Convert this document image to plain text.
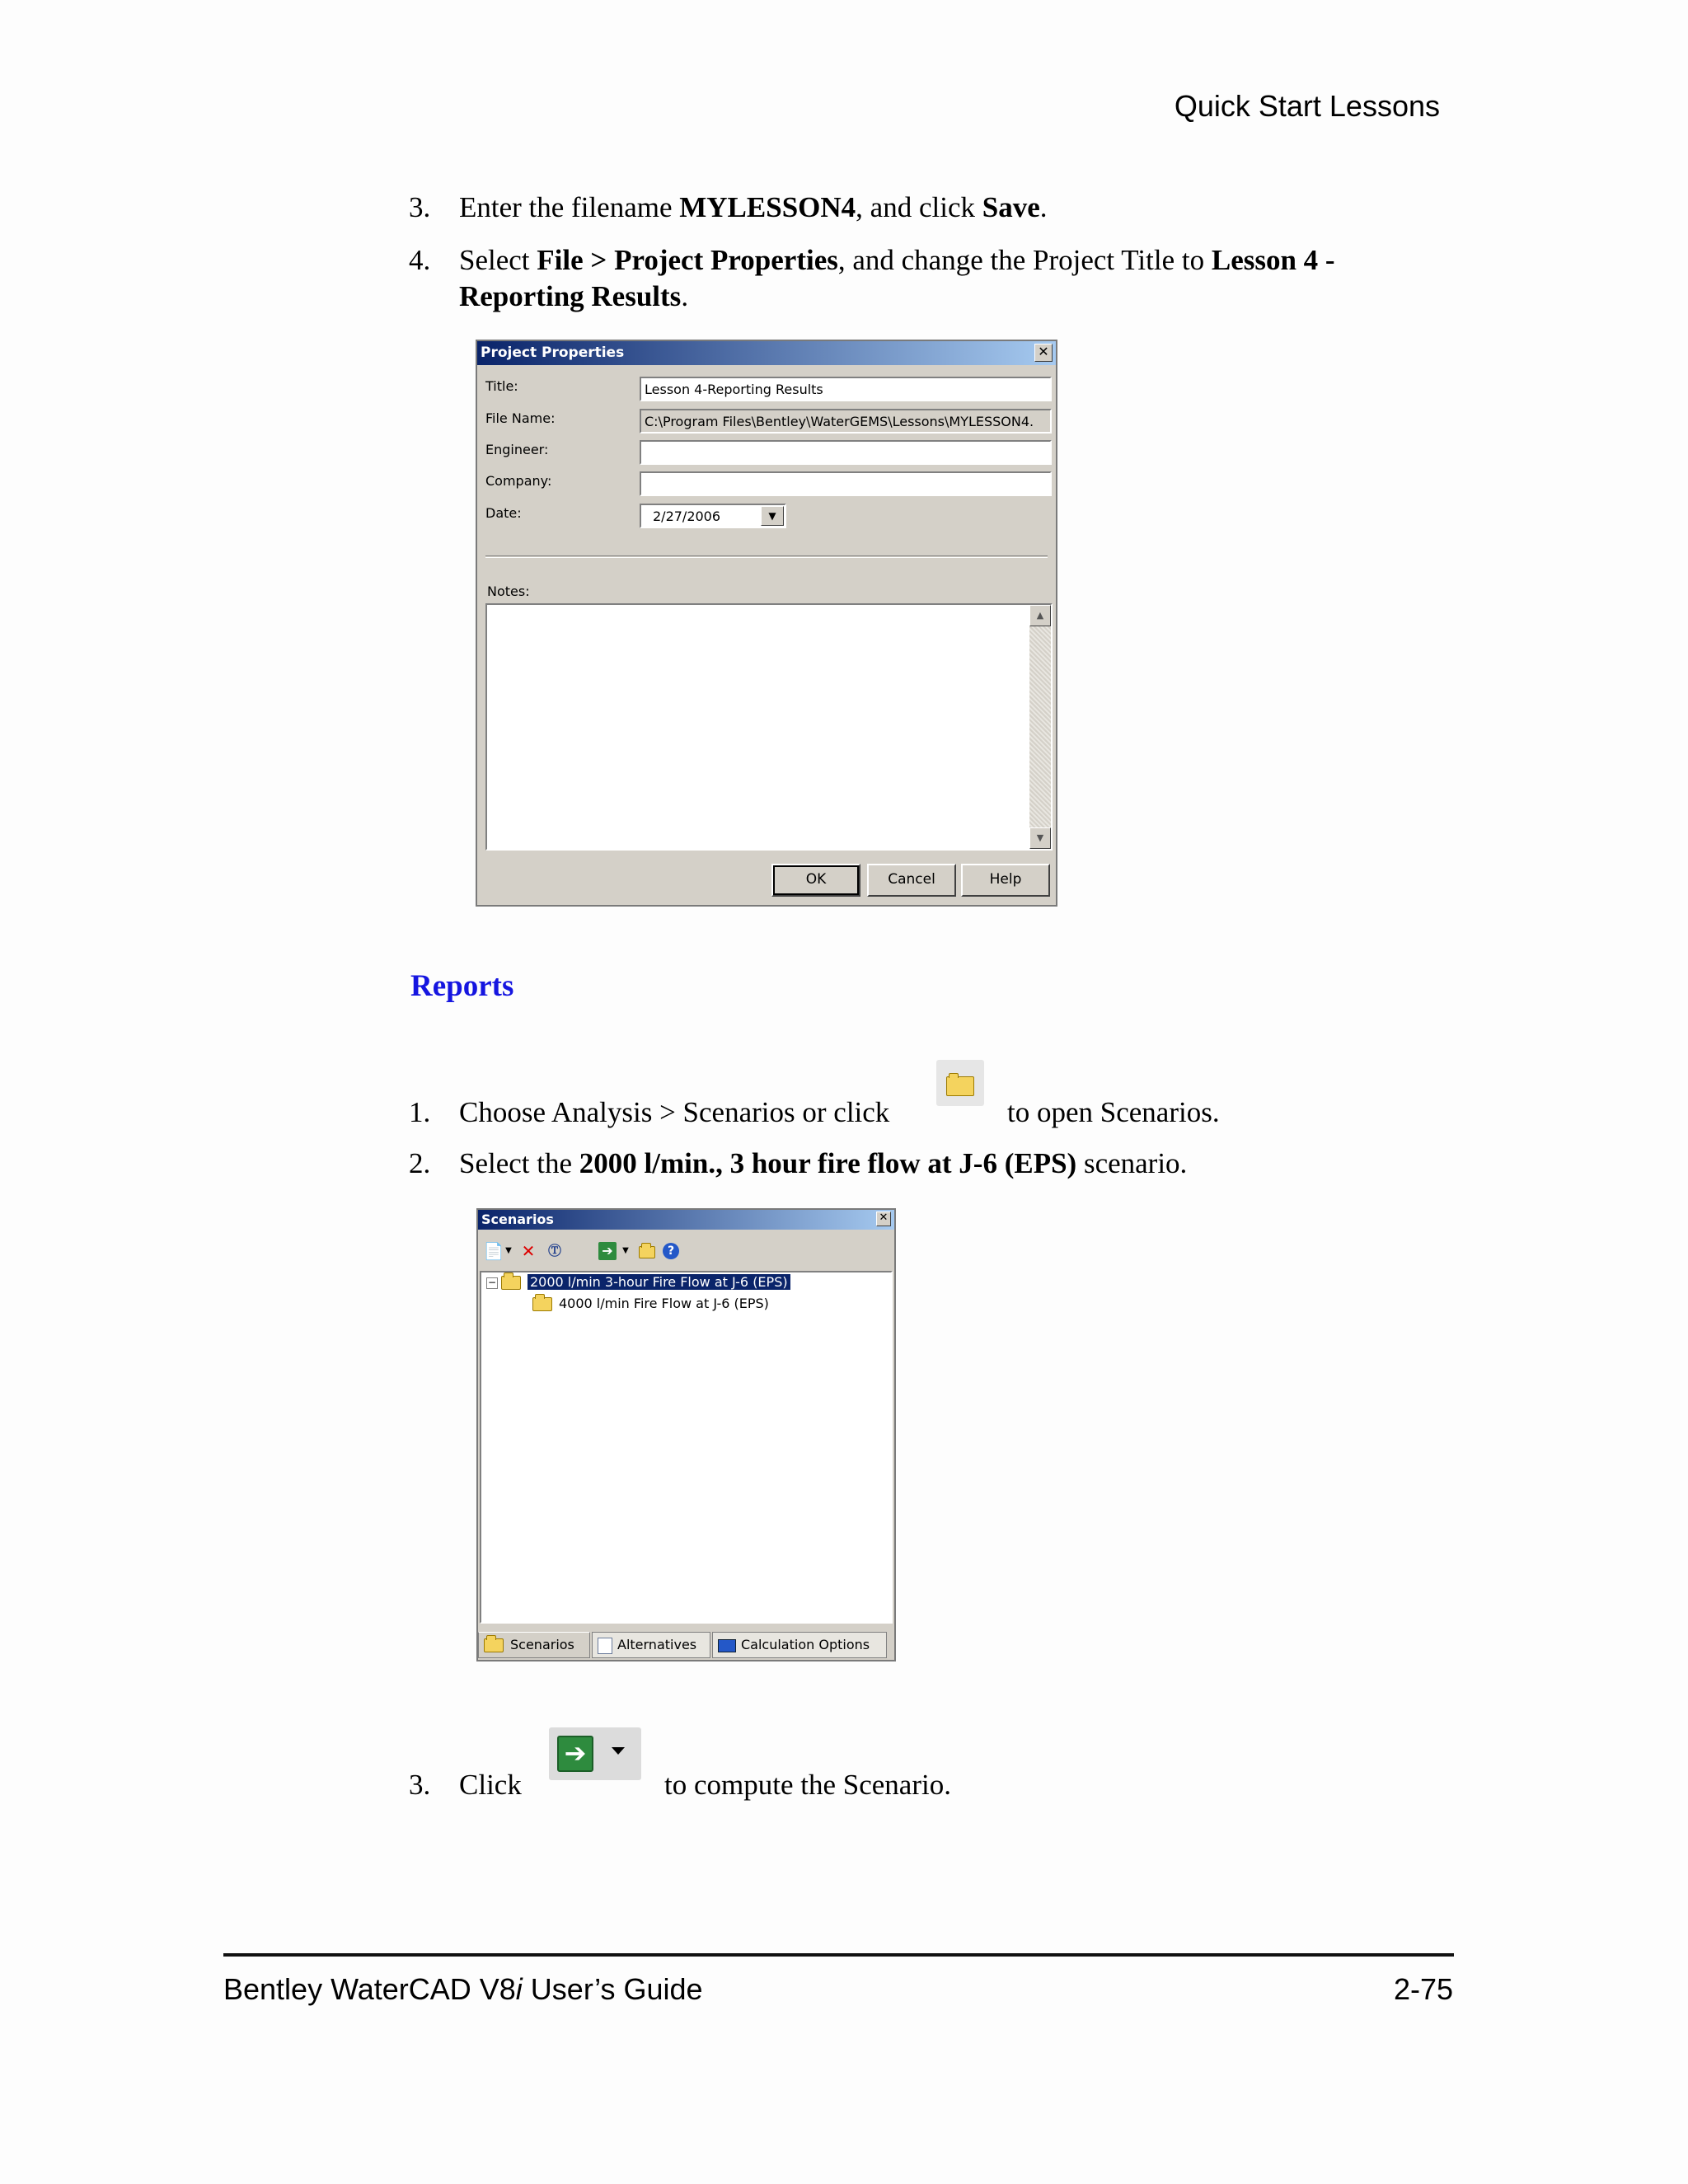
Quick Start Lessons
3. Enter the filename MYLESSON4, and click Save.
4. Select File > Project Properties, and change the Project Title to Lesson 4 - Reporting Results.
Project Properties	✕
Title:	Lesson 4-Reporting Results
File Name:	C:\Program Files\Bentley\WaterGEMS\Lessons\MYLESSON4.
Engineer:
Company:
Date:	2/27/2006	▼
Notes:
▲
▼
OK	Cancel	Help
Reports
1. Choose Analysis > Scenarios or click	to open Scenarios.
2. Select the 2000 l/min., 3 hour fire flow at J-6 (EPS) scenario.
Scenarios	✕
📄 ▼ ✕ Ⓣ	➔	▼	?
−	2000 l/min 3-hour Fire Flow at J-6 (EPS)
4000 l/min Fire Flow at J-6 (EPS)
Scenarios	Alternatives	Calculation Options
3. Click	to compute the Scenario.
➔
Bentley WaterCAD V8i User’s Guide	2-75
